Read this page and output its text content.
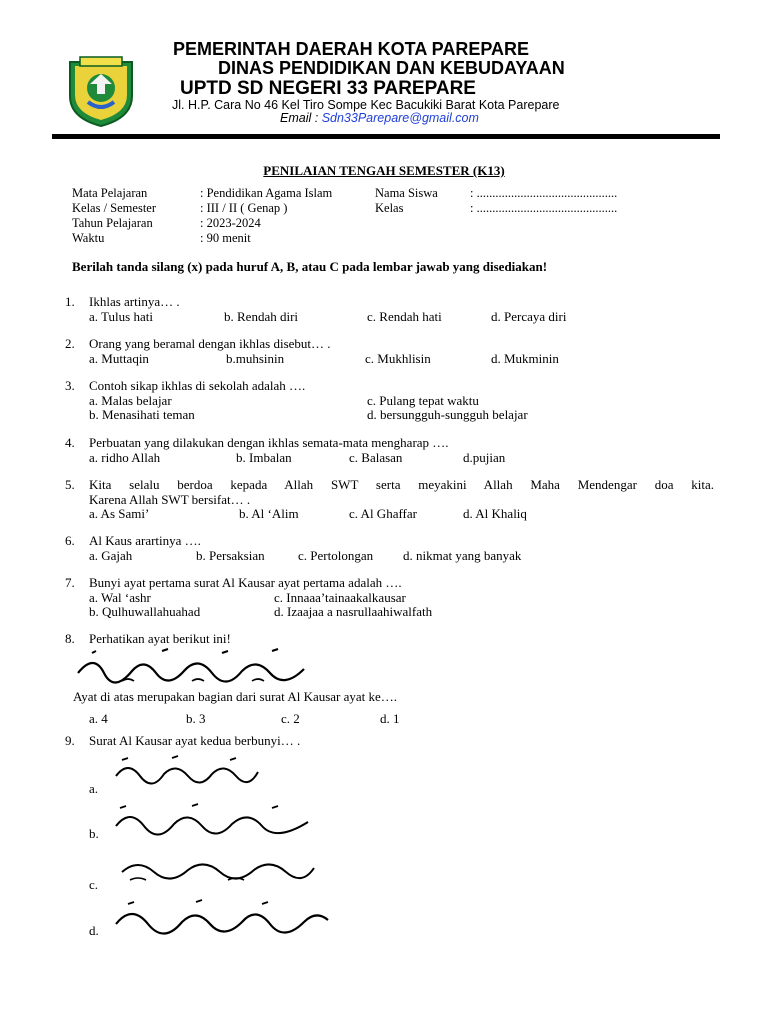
PEMERINTAH DAERAH KOTA PAREPARE
DINAS PENDIDIKAN DAN KEBUDAYAAN
UPTD SD NEGERI 33 PAREPARE
Jl. H.P. Cara No 46 Kel Tiro Sompe Kec Bacukiki Barat Kota Parepare
Email : Sdn33Parepare@gmail.com
PENILAIAN TENGAH SEMESTER (K13)
Mata Pelajaran	: Pendidikan Agama Islam
Kelas / Semester	: III / II ( Genap )
Tahun Pelajaran	: 2023-2024
Waktu	: 90 menit
Nama Siswa	: .............................................
Kelas	: .............................................
Berilah tanda silang (x) pada huruf A, B, atau C pada lembar jawab yang disediakan!
1. Ikhlas artinya… .
a. Tulus hati	b. Rendah diri	c. Rendah hati	d. Percaya diri
2. Orang yang beramal dengan ikhlas disebut… .
a. Muttaqin	b.muhsinin	c. Mukhlisin	d. Mukminin
3. Contoh sikap ikhlas di sekolah adalah ….
a. Malas belajar	c. Pulang tepat waktu
b. Menasihati teman	d. bersungguh-sungguh belajar
4. Perbuatan yang dilakukan dengan ikhlas semata-mata mengharap ….
a. ridho Allah	b. Imbalan	c. Balasan	d.pujian
5. Kita selalu berdoa kepada Allah SWT serta meyakini Allah Maha Mendengar doa kita.
Karena Allah SWT bersifat… .
a. As Sami’	b. Al ‘Alim	c. Al Ghaffar	d. Al Khaliq
6. Al Kaus arartinya ….
a. Gajah	b. Persaksian	c. Pertolongan d. nikmat yang banyak
7. Bunyi ayat pertama surat Al Kausar ayat pertama adalah ….
a. Wal ‘ashr	c. Innaaa’tainaakalkausar
b. Qulhuwallahuahad	d. Izaajaa a nasrullaahiwalfath
8. Perhatikan ayat berikut ini!
Ayat di atas merupakan bagian dari surat Al Kausar ayat ke….
a. 4	b. 3	c. 2	d. 1
9. Surat Al Kausar ayat kedua berbunyi… .
a.
b.
c.
d.
